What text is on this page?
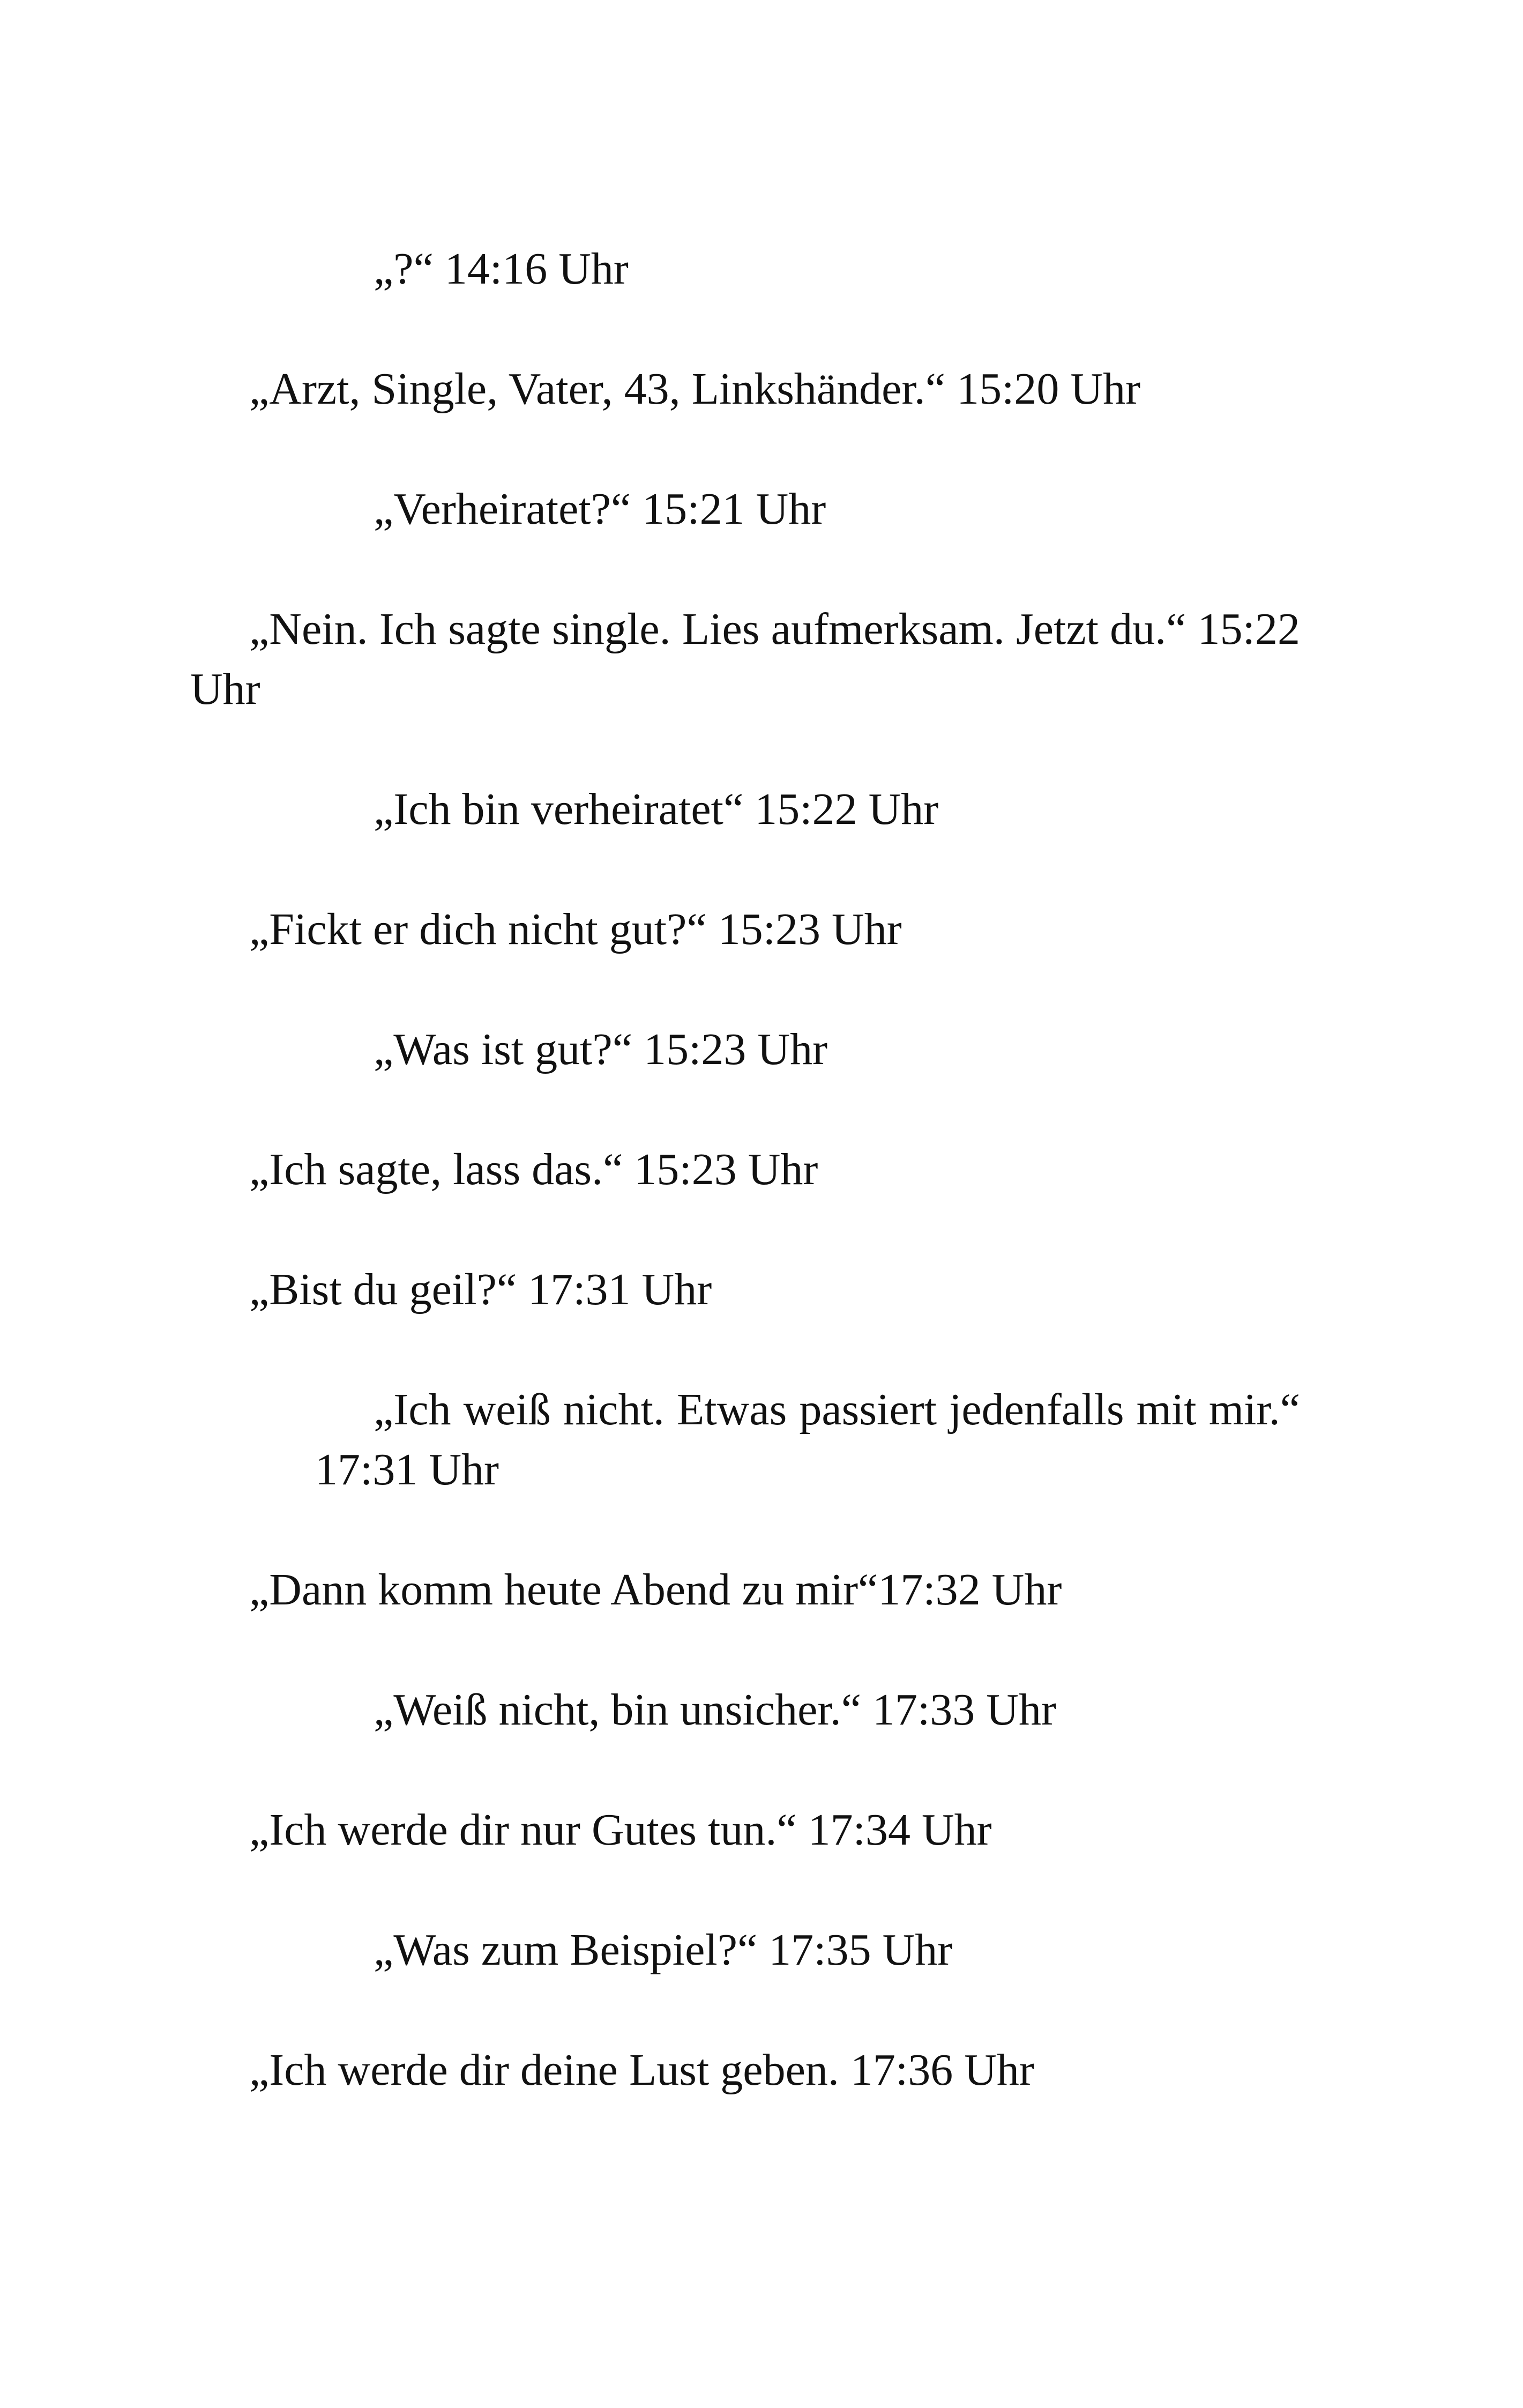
„?“ 14:16 Uhr

„Arzt, Single, Vater, 43, Linkshänder.“ 15:20 Uhr

„Verheiratet?“ 15:21 Uhr

„Nein. Ich sagte single. Lies aufmerksam. Jetzt du.“ 15:22 Uhr

„Ich bin verheiratet“ 15:22 Uhr

„Fickt er dich nicht gut?“ 15:23 Uhr

„Was ist gut?“ 15:23 Uhr

„Ich sagte, lass das.“ 15:23 Uhr

„Bist du geil?“ 17:31 Uhr

„Ich weiß nicht. Etwas passiert jedenfalls mit mir.“ 17:31 Uhr

„Dann komm heute Abend zu mir“17:32 Uhr

„Weiß nicht, bin unsicher.“ 17:33 Uhr

„Ich werde dir nur Gutes tun.“ 17:34 Uhr

„Was zum Beispiel?“ 17:35 Uhr

„Ich werde dir deine Lust geben. 17:36 Uhr
